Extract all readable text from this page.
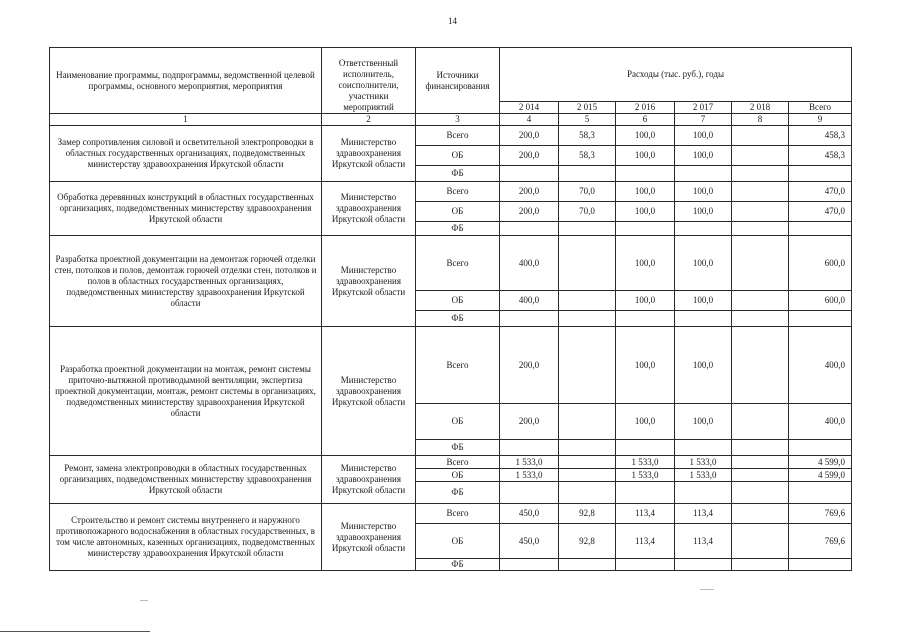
14
Наименование программы, подпрограммы, ведомственной целевой программы, основного мероприятия, мероприятия	Ответственный исполнитель, соисполнители, участники мероприятий	Источники финансирования	Расходы (тыс. руб.), годы					
			2 014	2 015	2 016	2 017	2 018	Всего
1	2	3	4	5	6	7	8	9
Замер сопротивления силовой и осветительной электропроводки в областных государственных организациях, подведомственных министерству здравоохранения Иркутской области	Министерство здравоохранения Иркутской области	Всего	200,0	58,3	100,0	100,0		458,3
		ОБ	200,0	58,3	100,0	100,0		458,3
		ФБ						
Обработка деревянных конструкций в областных государственных организациях, подведомственных министерству здравоохранения Иркутской области	Министерство здравоохранения Иркутской области	Всего	200,0	70,0	100,0	100,0		470,0
		ОБ	200,0	70,0	100,0	100,0		470,0
		ФБ						
Разработка проектной документации на демонтаж горючей отделки стен, потолков и полов, демонтаж горючей отделки стен, потолков и полов в областных государственных организациях, подведомственных министерству здравоохранения Иркутской области	Министерство здравоохранения Иркутской области	Всего	400,0		100,0	100,0		600,0
		ОБ	400,0		100,0	100,0		600,0
		ФБ						
Разработка проектной документации на монтаж, ремонт системы приточно-вытяжной противодымной вентиляции, экспертиза проектной документации, монтаж, ремонт системы в организациях, подведомственных министерству здравоохранения Иркутской области	Министерство здравоохранения Иркутской области	Всего	200,0		100,0	100,0		400,0
		ОБ	200,0		100,0	100,0		400,0
		ФБ						
Ремонт, замена электропроводки в областных государственных организациях, подведомственных министерству здравоохранения Иркутской области	Министерство здравоохранения Иркутской области	Всего	1 533,0		1 533,0	1 533,0		4 599,0
		ОБ	1 533,0		1 533,0	1 533,0		4 599,0
		ФБ						
Строительство и ремонт системы внутреннего и наружного противопожарного водоснабжения в областных государственных, в том числе автономных, казенных организациях, подведомственных министерству здравоохранения Иркутской области	Министерство здравоохранения Иркутской области	Всего	450,0	92,8	113,4	113,4		769,6
		ОБ	450,0	92,8	113,4	113,4		769,6
		ФБ						
